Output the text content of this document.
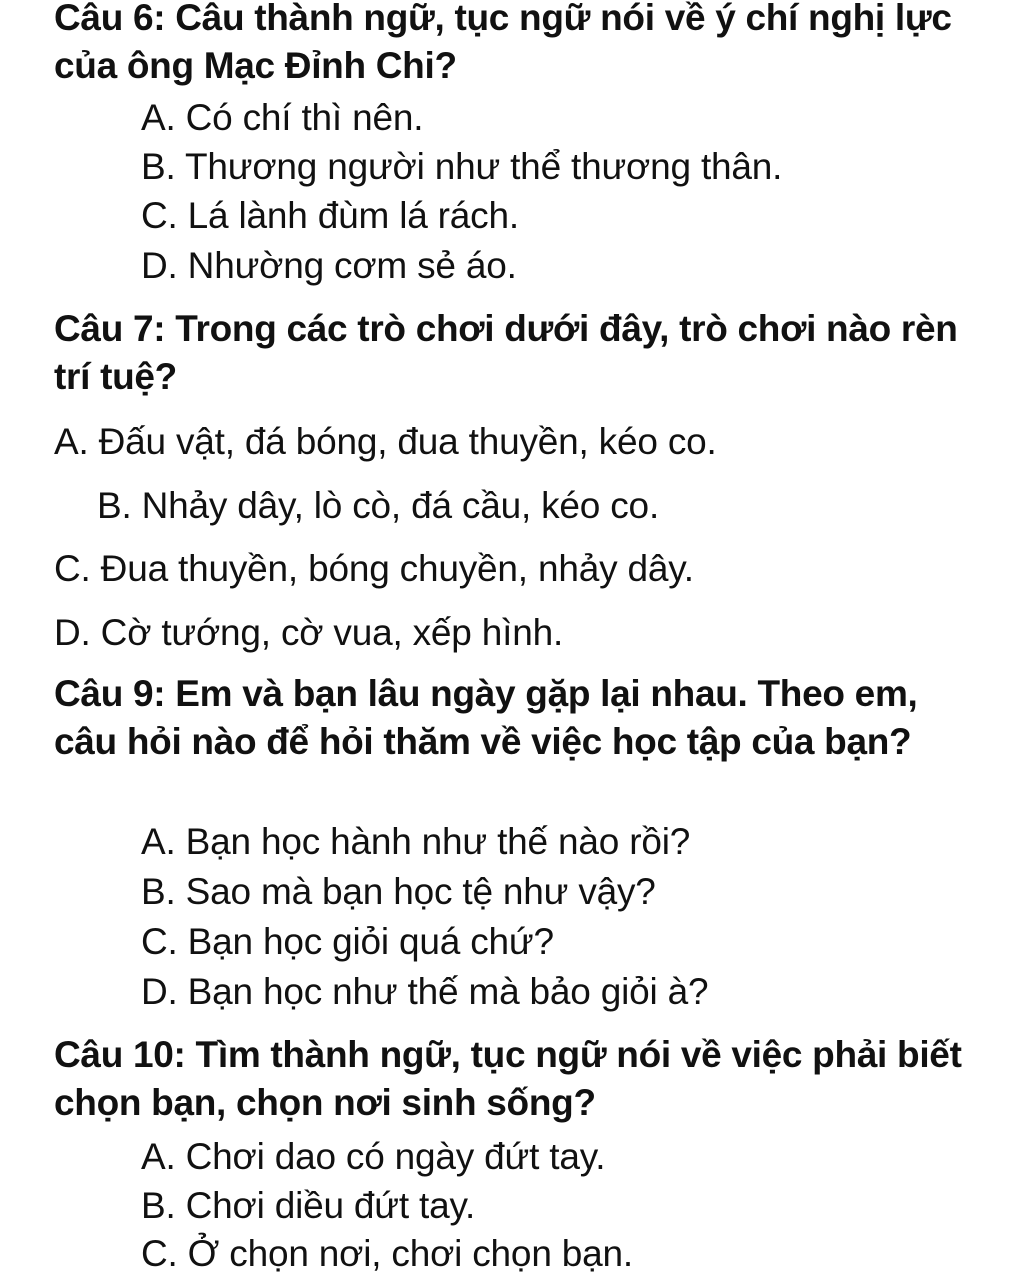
Câu 6: Câu thành ngữ, tục ngữ nói về ý chí nghị lực của ông Mạc Đỉnh Chi?
A. Có chí thì nên.
B. Thương người như thể thương thân.
C. Lá lành đùm lá rách.
D. Nhường cơm sẻ áo.
Câu 7: Trong các trò chơi dưới đây, trò chơi nào rèn trí tuệ?
A. Đấu vật, đá bóng, đua thuyền, kéo co.
B. Nhảy dây, lò cò, đá cầu, kéo co.
C. Đua thuyền, bóng chuyền, nhảy dây.
D. Cờ tướng, cờ vua, xếp hình.
Câu 9: Em và bạn lâu ngày gặp lại nhau. Theo em, câu hỏi nào để hỏi thăm về việc học tập của bạn?
A. Bạn học hành như thế nào rồi?
B. Sao mà bạn học tệ như vậy?
C. Bạn học giỏi quá chứ?
D. Bạn học như thế mà bảo giỏi à?
Câu 10: Tìm thành ngữ, tục ngữ nói về việc phải biết chọn bạn, chọn nơi sinh sống?
A. Chơi dao có ngày đứt tay.
B. Chơi diều đứt tay.
C. Ở chọn nơi, chơi chọn bạn.
